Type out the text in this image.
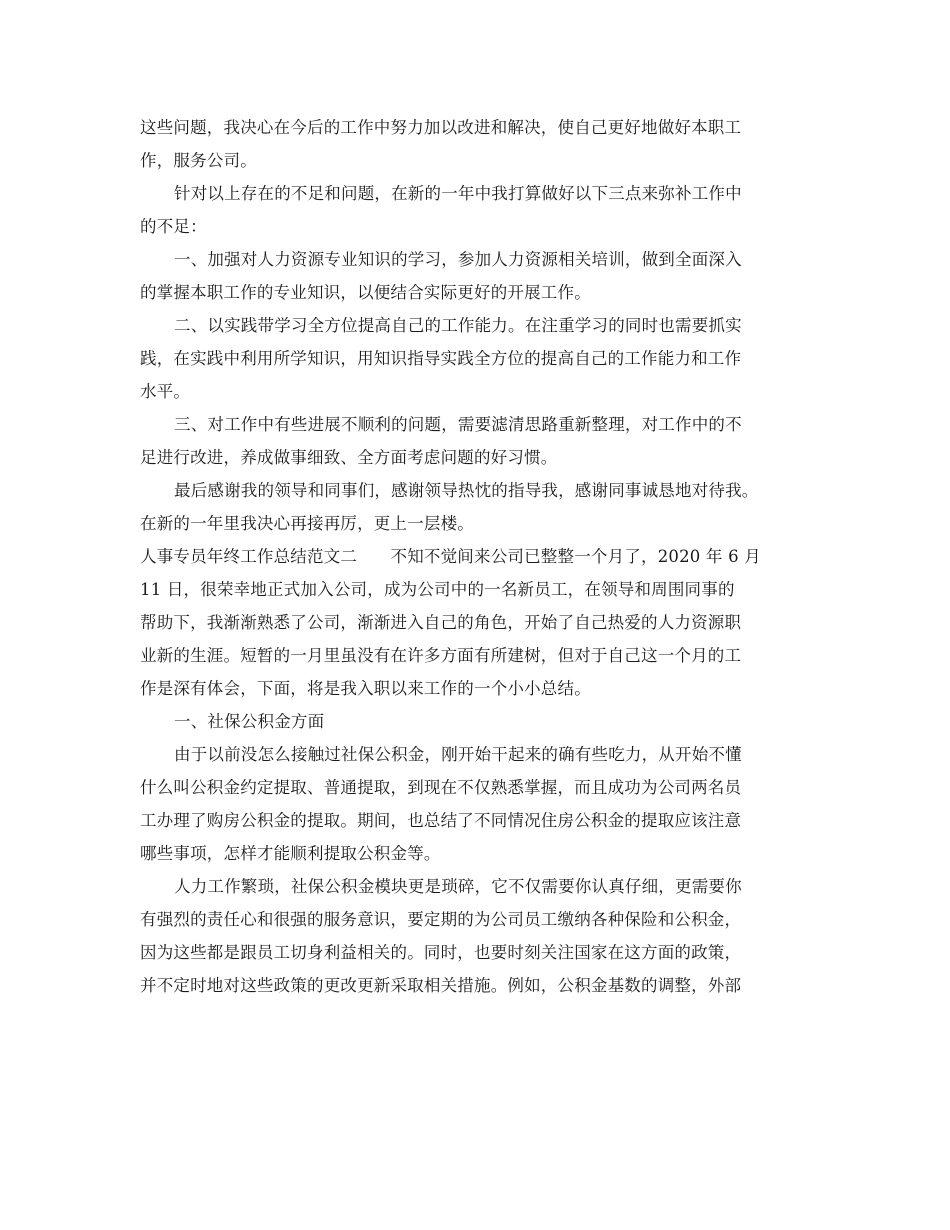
这些问题，我决心在今后的工作中努力加以改进和解决，使自己更好地做好本职工
作，服务公司。
针对以上存在的不足和问题，在新的一年中我打算做好以下三点来弥补工作中
的不足：
一、加强对人力资源专业知识的学习，参加人力资源相关培训，做到全面深入
的掌握本职工作的专业知识，以便结合实际更好的开展工作。
二、以实践带学习全方位提高自己的工作能力。在注重学习的同时也需要抓实
践，在实践中利用所学知识，用知识指导实践全方位的提高自己的工作能力和工作
水平。
三、对工作中有些进展不顺利的问题，需要滤清思路重新整理，对工作中的不
足进行改进，养成做事细致、全方面考虑问题的好习惯。
最后感谢我的领导和同事们，感谢领导热忱的指导我，感谢同事诚恳地对待我。
在新的一年里我决心再接再厉，更上一层楼。
人事专员年终工作总结范文二　　不知不觉间来公司已整整一个月了，2020 年 6 月
11 日，很荣幸地正式加入公司，成为公司中的一名新员工，在领导和周围同事的
帮助下，我渐渐熟悉了公司，渐渐进入自己的角色，开始了自己热爱的人力资源职
业新的生涯。短暂的一月里虽没有在许多方面有所建树，但对于自己这一个月的工
作是深有体会，下面，将是我入职以来工作的一个小小总结。
一、社保公积金方面
由于以前没怎么接触过社保公积金，刚开始干起来的确有些吃力，从开始不懂
什么叫公积金约定提取、普通提取，到现在不仅熟悉掌握，而且成功为公司两名员
工办理了购房公积金的提取。期间，也总结了不同情况住房公积金的提取应该注意
哪些事项，怎样才能顺利提取公积金等。
人力工作繁琐，社保公积金模块更是琐碎，它不仅需要你认真仔细，更需要你
有强烈的责任心和很强的服务意识，要定期的为公司员工缴纳各种保险和公积金，
因为这些都是跟员工切身利益相关的。同时，也要时刻关注国家在这方面的政策，
并不定时地对这些政策的更改更新采取相关措施。例如，公积金基数的调整，外部
